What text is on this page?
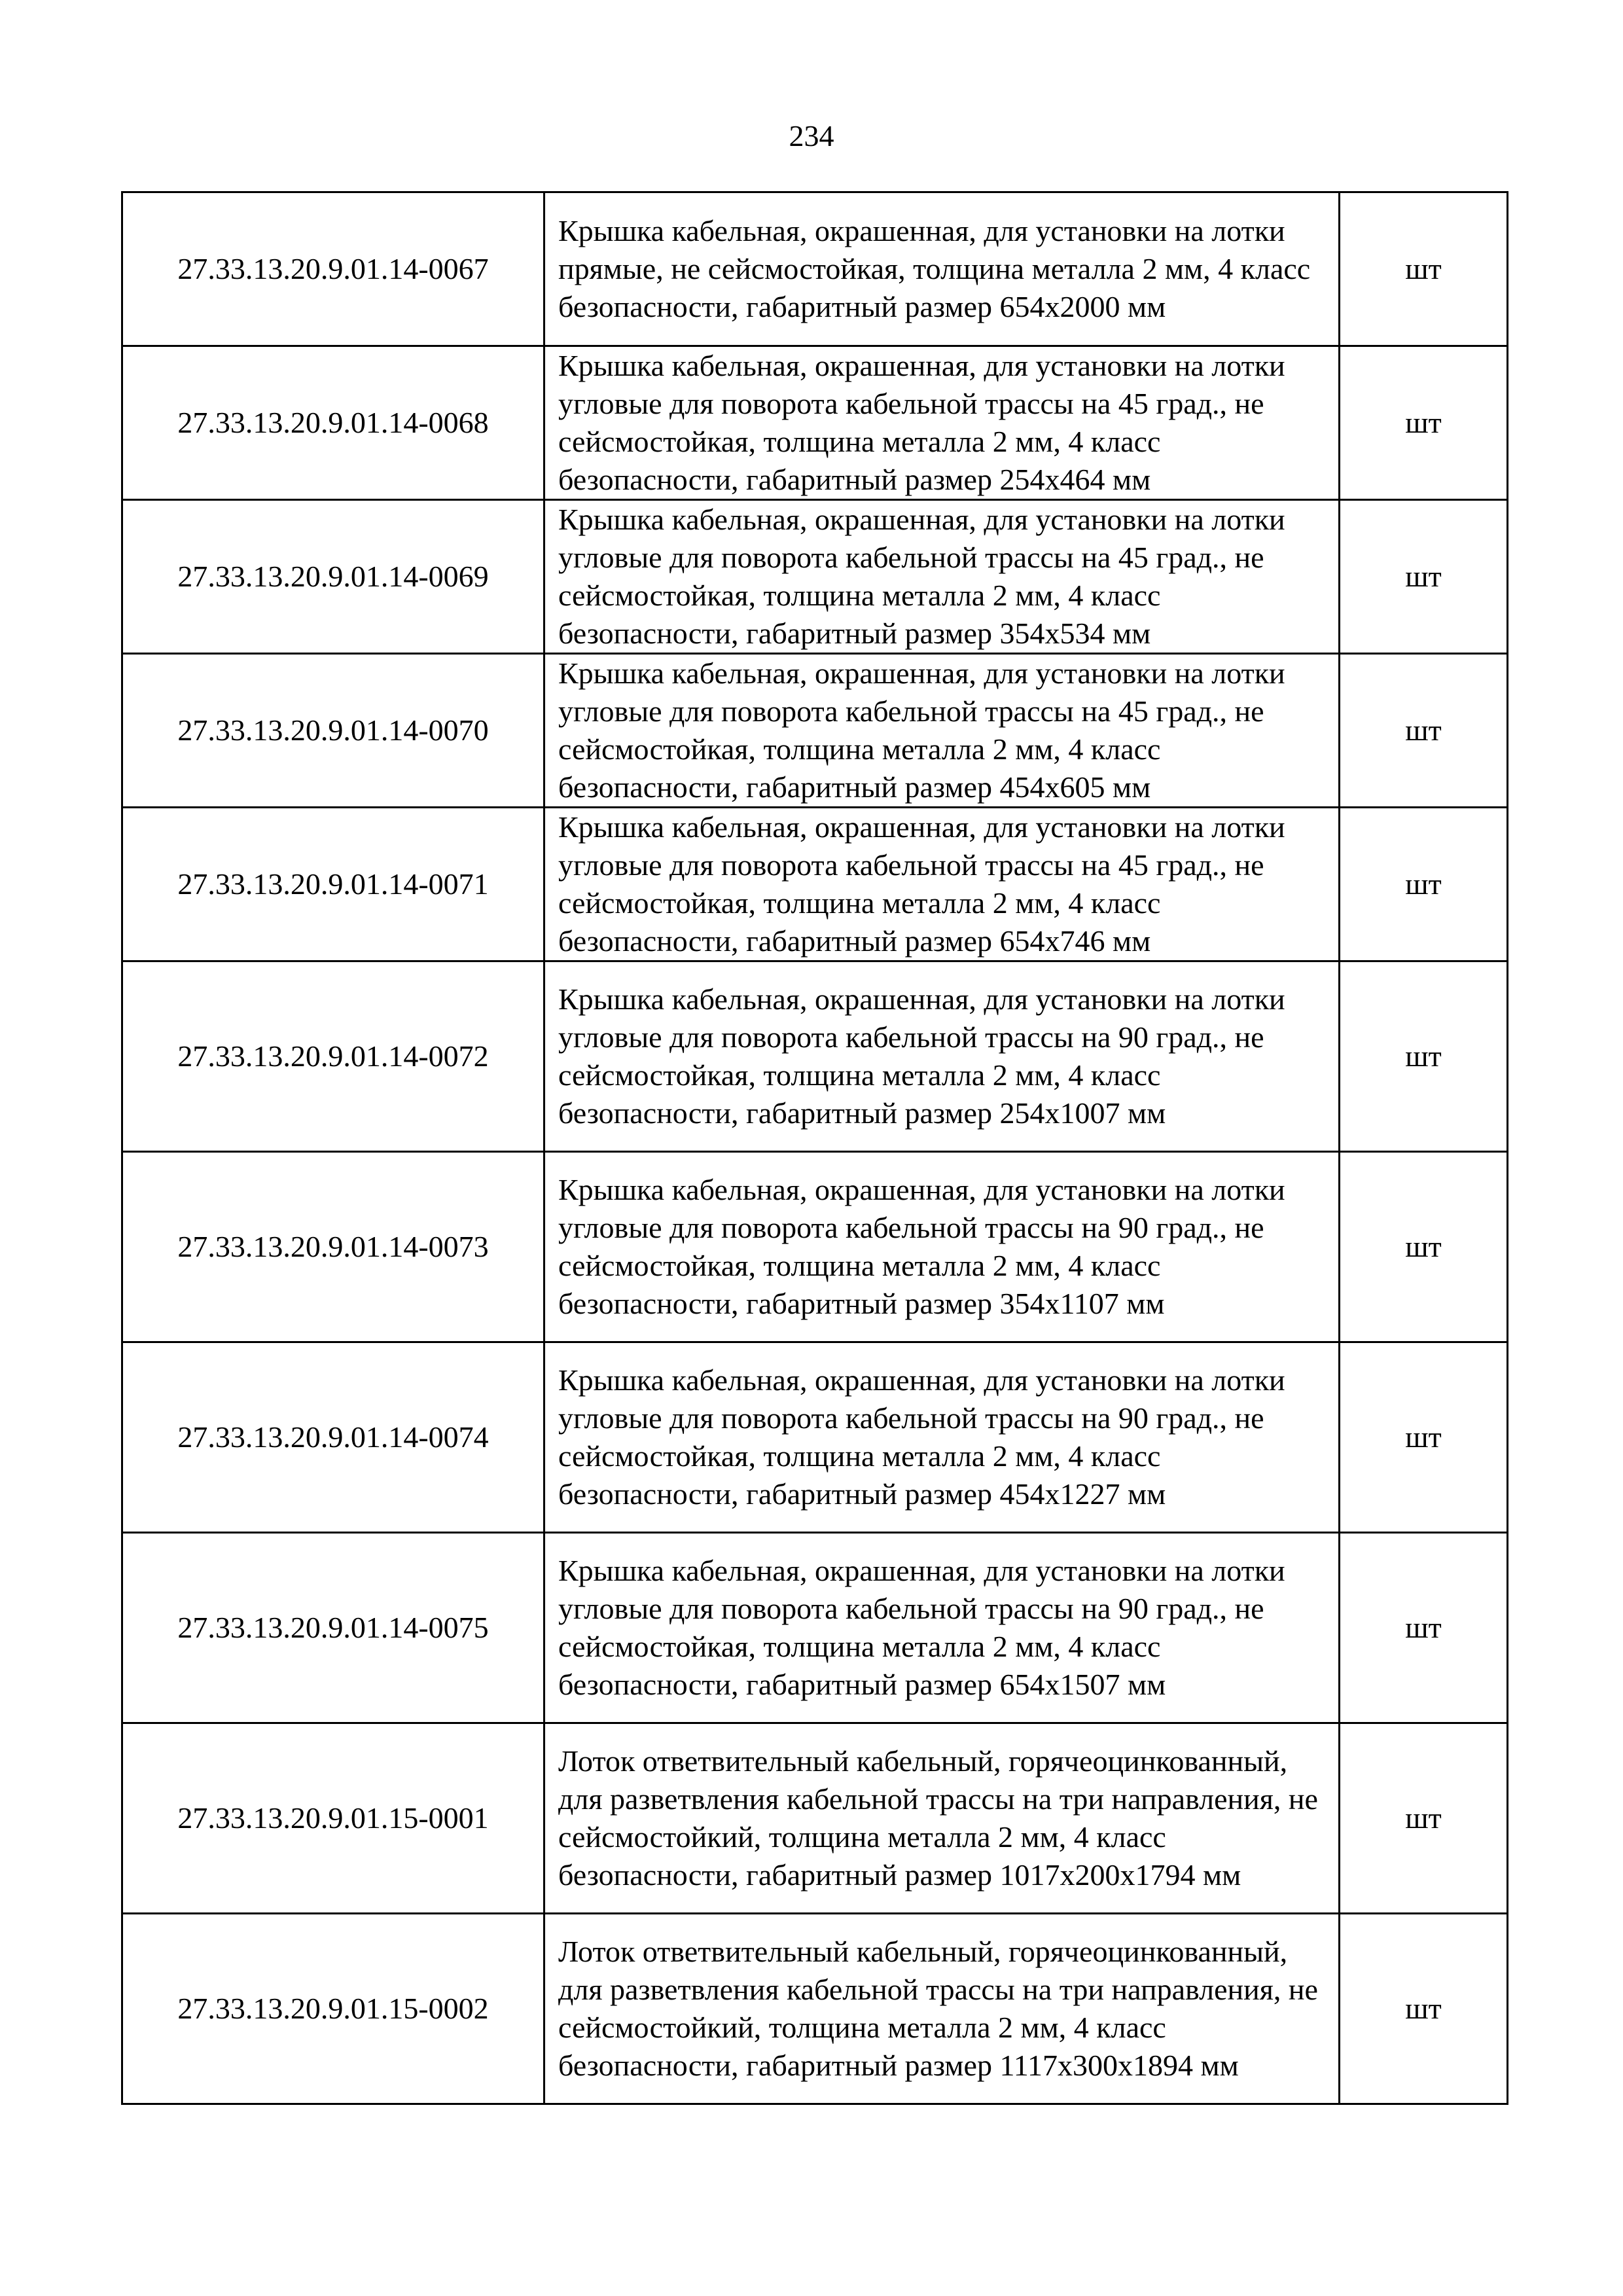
234
27.33.13.20.9.01.14-0067	Крышка кабельная, окрашенная, для установки на лотки прямые, не сейсмостойкая, толщина металла 2 мм, 4 класс безопасности, габаритный размер 654х2000 мм	шт
27.33.13.20.9.01.14-0068	Крышка кабельная, окрашенная, для установки на лотки угловые для поворота кабельной трассы на 45 град., не сейсмостойкая, толщина металла 2 мм, 4 класс безопасности, габаритный размер 254х464 мм	шт
27.33.13.20.9.01.14-0069	Крышка кабельная, окрашенная, для установки на лотки угловые для поворота кабельной трассы на 45 град., не сейсмостойкая, толщина металла 2 мм, 4 класс безопасности, габаритный размер 354х534 мм	шт
27.33.13.20.9.01.14-0070	Крышка кабельная, окрашенная, для установки на лотки угловые для поворота кабельной трассы на 45 град., не сейсмостойкая, толщина металла 2 мм, 4 класс безопасности, габаритный размер 454х605 мм	шт
27.33.13.20.9.01.14-0071	Крышка кабельная, окрашенная, для установки на лотки угловые для поворота кабельной трассы на 45 град., не сейсмостойкая, толщина металла 2 мм, 4 класс безопасности, габаритный размер 654х746 мм	шт
27.33.13.20.9.01.14-0072	Крышка кабельная, окрашенная, для установки на лотки угловые для поворота кабельной трассы на 90 град., не сейсмостойкая, толщина металла 2 мм, 4 класс безопасности, габаритный размер 254х1007 мм	шт
27.33.13.20.9.01.14-0073	Крышка кабельная, окрашенная, для установки на лотки угловые для поворота кабельной трассы на 90 град., не сейсмостойкая, толщина металла 2 мм, 4 класс безопасности, габаритный размер 354х1107 мм	шт
27.33.13.20.9.01.14-0074	Крышка кабельная, окрашенная, для установки на лотки угловые для поворота кабельной трассы на 90 град., не сейсмостойкая, толщина металла 2 мм, 4 класс безопасности, габаритный размер 454х1227 мм	шт
27.33.13.20.9.01.14-0075	Крышка кабельная, окрашенная, для установки на лотки угловые для поворота кабельной трассы на 90 град., не сейсмостойкая, толщина металла 2 мм, 4 класс безопасности, габаритный размер 654х1507 мм	шт
27.33.13.20.9.01.15-0001	Лоток ответвительный кабельный, горячеоцинкованный, для разветвления кабельной трассы на три направления, не сейсмостойкий, толщина металла 2 мм, 4 класс безопасности, габаритный размер 1017х200х1794 мм	шт
27.33.13.20.9.01.15-0002	Лоток ответвительный кабельный, горячеоцинкованный, для разветвления кабельной трассы на три направления, не сейсмостойкий, толщина металла 2 мм, 4 класс безопасности, габаритный размер 1117х300х1894 мм	шт
